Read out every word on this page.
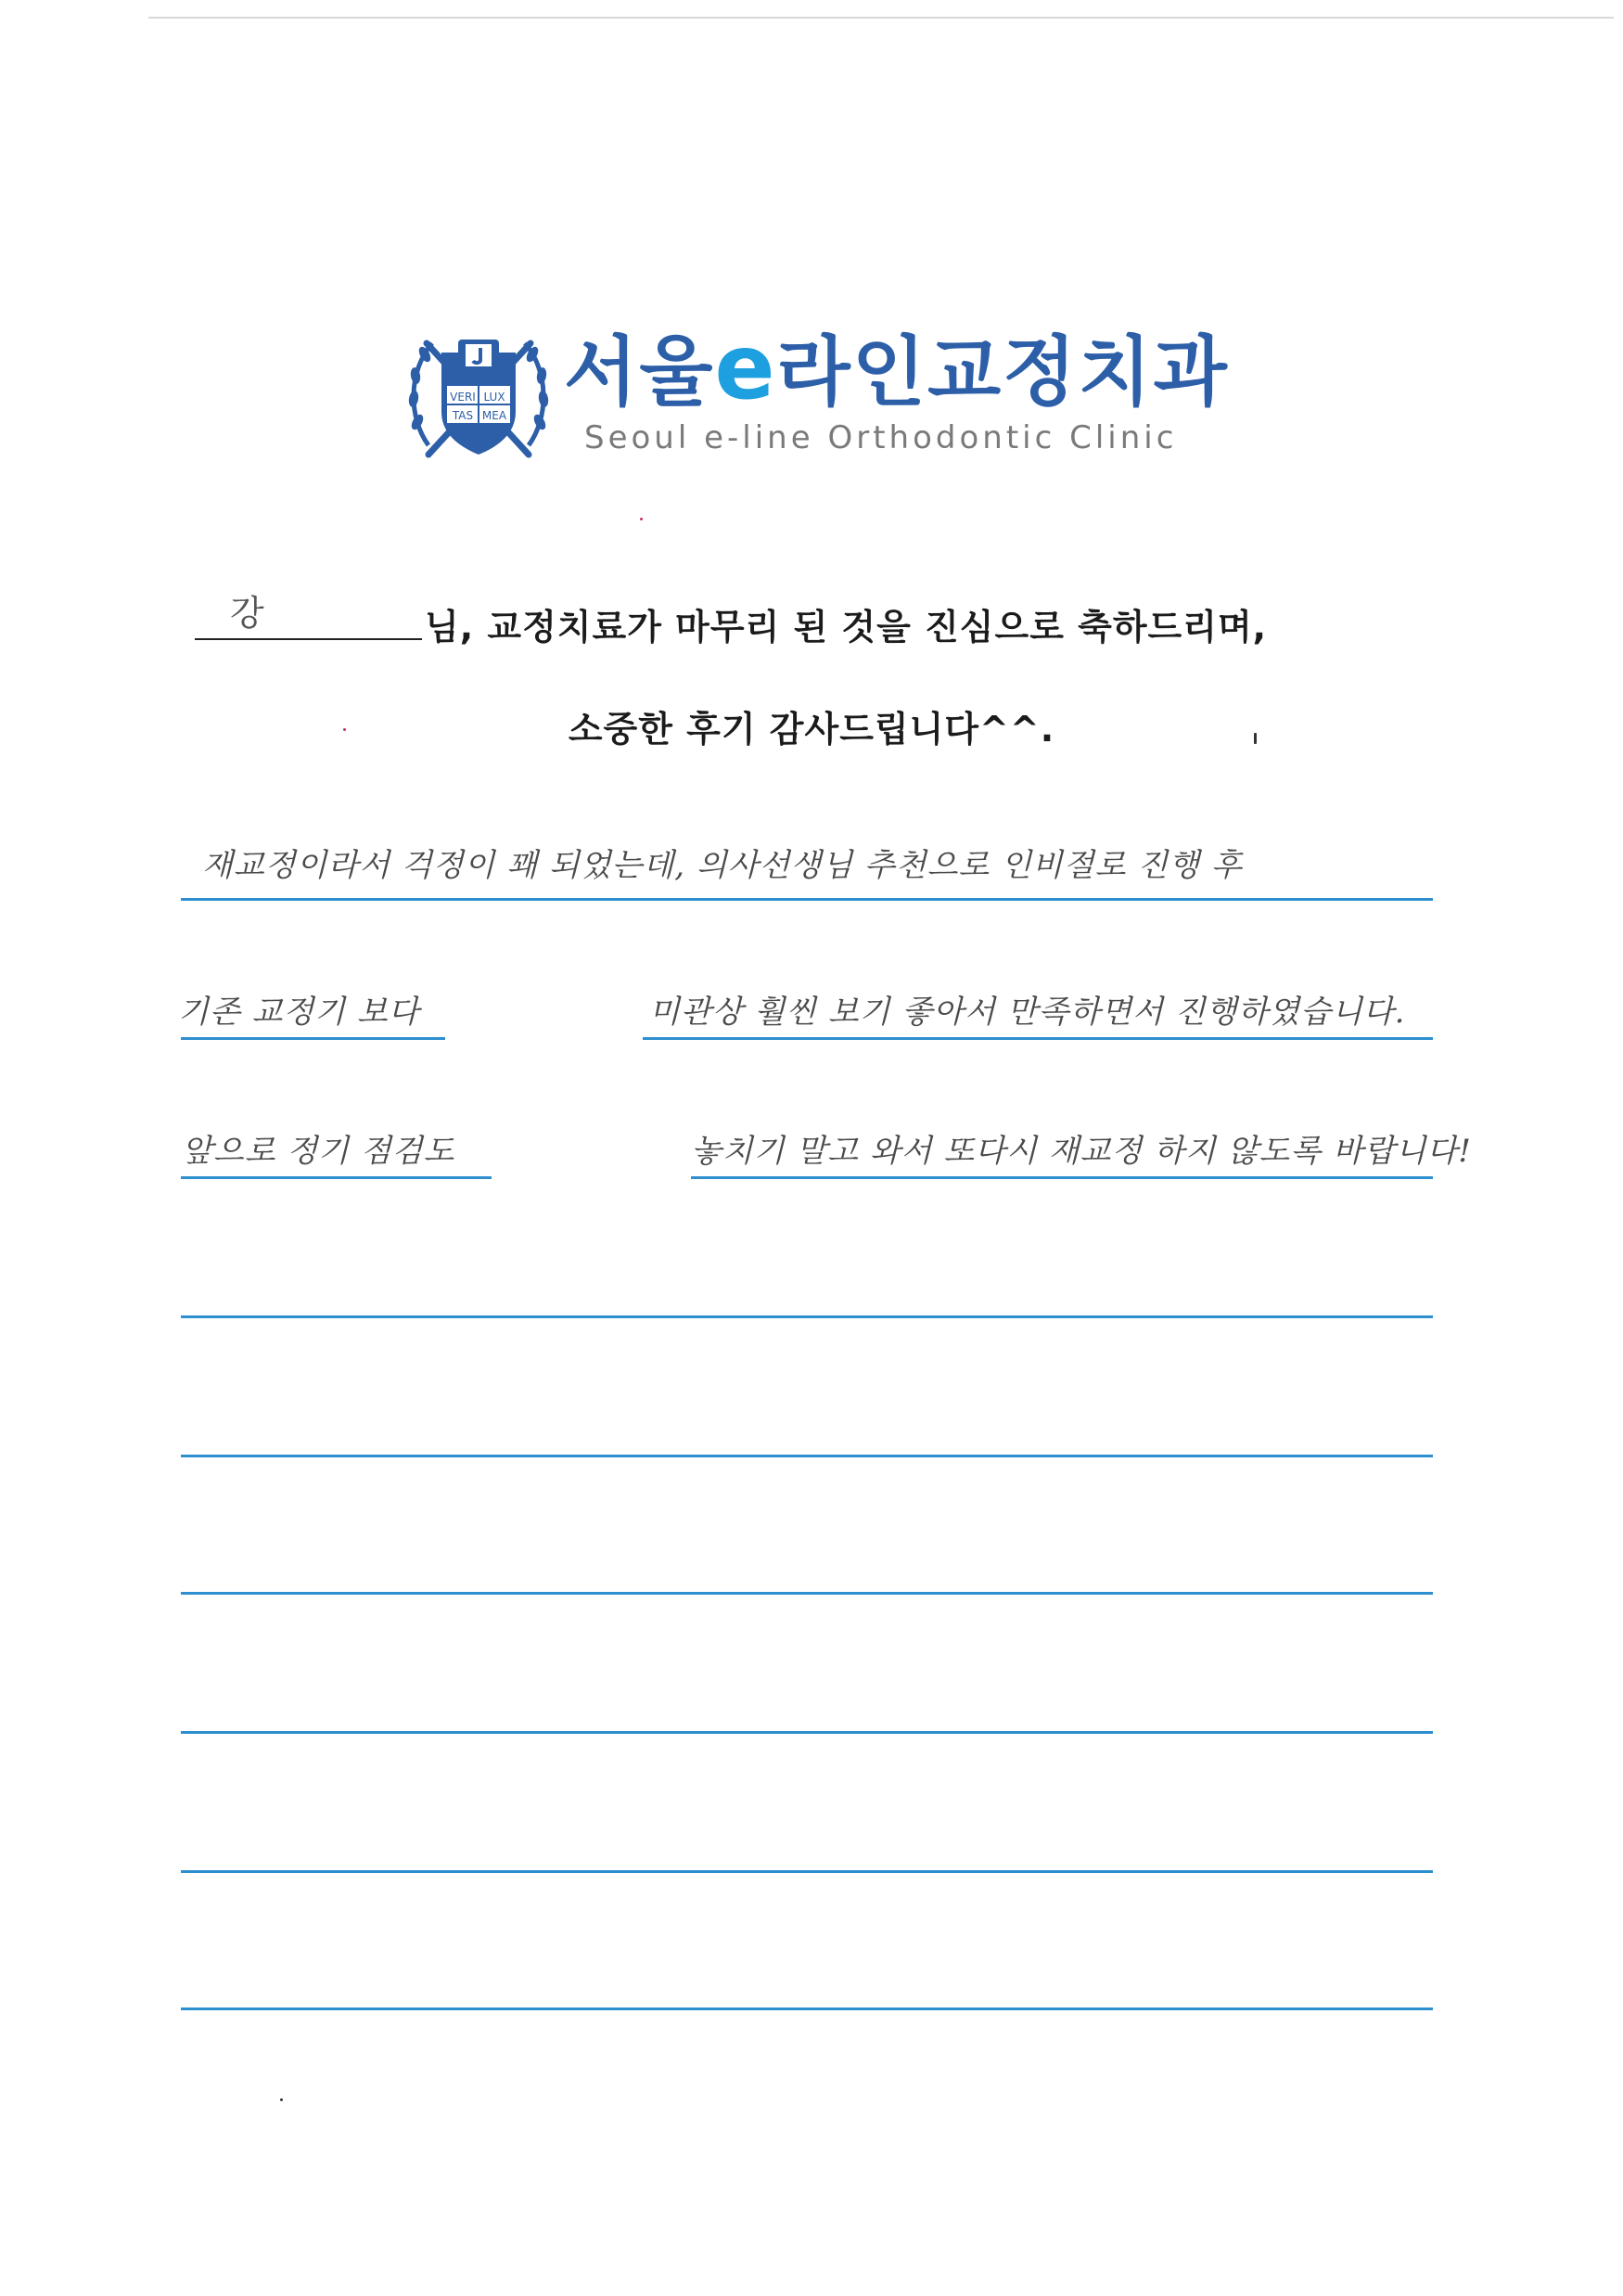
VERI LUX
TAS MEA 서울e라인교정치과
Seoul e-line Orthodontic Clinic
강	님, 교정치료가 마무리 된 것을 진심으로 축하드리며,
소중한 후기 감사드립니다^^.
재교정이라서 걱정이 꽤 되었는데, 의사선생님 추천으로 인비절로 진행 후
기존 교정기 보다	미관상 훨씬 보기 좋아서 만족하면서 진행하였습니다.
앞으로 정기 점검도	놓치기 말고 와서 또다시 재교정 하지 않도록 바랍니다!
